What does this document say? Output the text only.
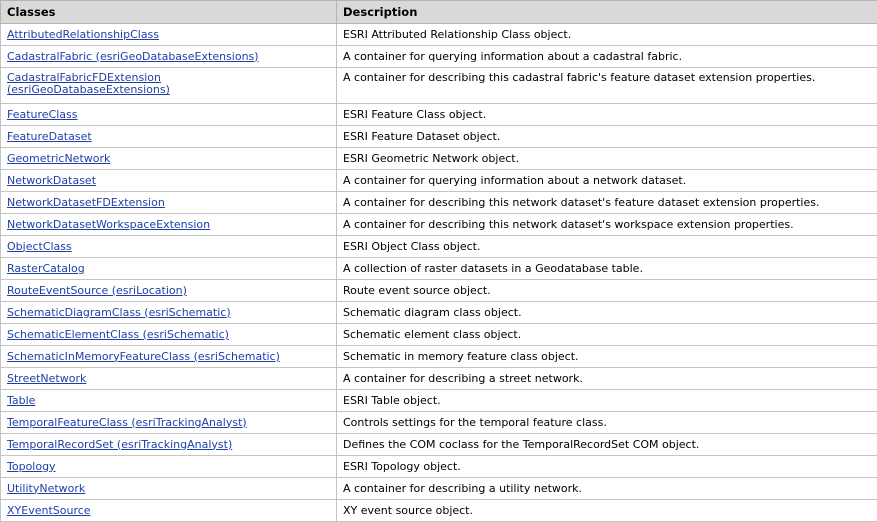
Classes	Description
AttributedRelationshipClass	ESRI Attributed Relationship Class object.
CadastralFabric (esriGeoDatabaseExtensions)	A container for querying information about a cadastral fabric.
CadastralFabricFDExtension (esriGeoDatabaseExtensions)	A container for describing this cadastral fabric's feature dataset extension properties.
FeatureClass	ESRI Feature Class object.
FeatureDataset	ESRI Feature Dataset object.
GeometricNetwork	ESRI Geometric Network object.
NetworkDataset	A container for querying information about a network dataset.
NetworkDatasetFDExtension	A container for describing this network dataset's feature dataset extension properties.
NetworkDatasetWorkspaceExtension	A container for describing this network dataset's workspace extension properties.
ObjectClass	ESRI Object Class object.
RasterCatalog	A collection of raster datasets in a Geodatabase table.
RouteEventSource (esriLocation)	Route event source object.
SchematicDiagramClass (esriSchematic)	Schematic diagram class object.
SchematicElementClass (esriSchematic)	Schematic element class object.
SchematicInMemoryFeatureClass (esriSchematic)	Schematic in memory feature class object.
StreetNetwork	A container for describing a street network.
Table	ESRI Table object.
TemporalFeatureClass (esriTrackingAnalyst)	Controls settings for the temporal feature class.
TemporalRecordSet (esriTrackingAnalyst)	Defines the COM coclass for the TemporalRecordSet COM object.
Topology	ESRI Topology object.
UtilityNetwork	A container for describing a utility network.
XYEventSource	XY event source object.
